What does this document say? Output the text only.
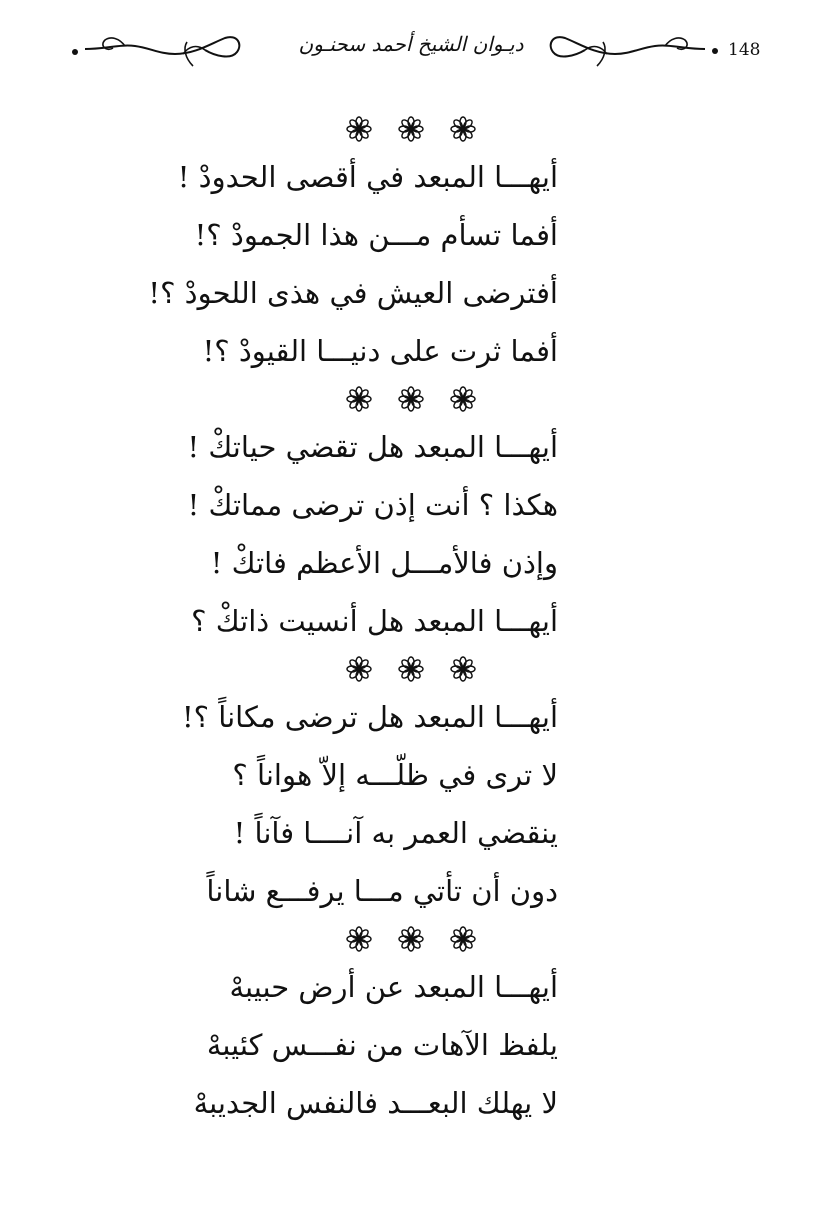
148
ديـوان الشيخ أحمد سحنـون
أيهـــا المبعد في أقصى الحدودْ !
أفما تسأم مـــن هذا الجمودْ ؟!
أفترضى العيش في هذى اللحودْ ؟!
أفما ثرت على دنيـــا القيودْ ؟!
أيهـــا المبعد هل تقضي حياتكْ !
هكذا ؟ أنت إذن ترضى مماتكْ !
وإذن فالأمـــل الأعظم فاتكْ !
أيهـــا المبعد هل أنسيت ذاتكْ ؟
أيهـــا المبعد هل ترضى مكاناً ؟!
لا ترى في ظلّـــه إلاّ هواناً ؟
ينقضي العمر به آنــــا فآناً !
دون أن تأتي مـــا يرفـــع شاناً
أيهـــا المبعد عن أرض حبيبهْ
يلفظ الآهات من نفـــس كئيبهْ
لا يهلك البعـــد فالنفس الجديبهْ
